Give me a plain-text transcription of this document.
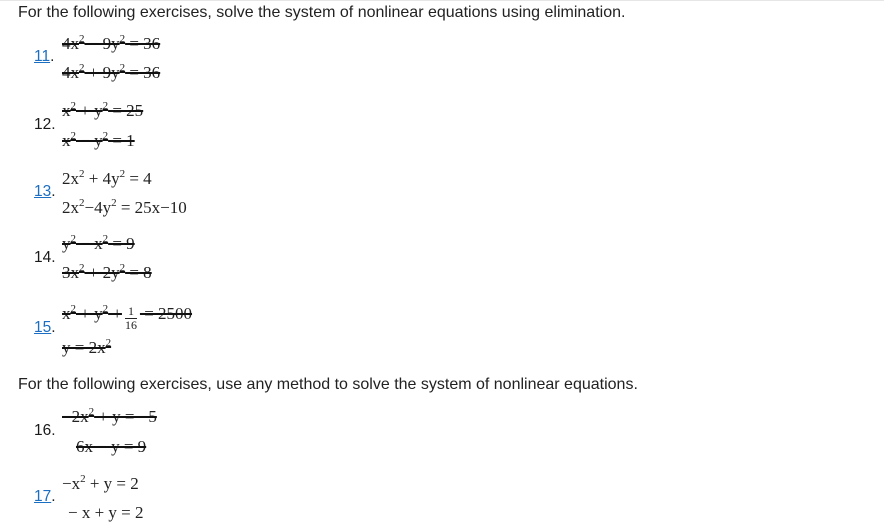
For the following exercises, solve the system of nonlinear equations using elimination.
11.
$4x^2 - 9y^2 = 36$
$4x^2 + 9y^2 = 36$
12.
$x^2 + y^2 = 25$
$x^2 - y^2 = 1$
13.
$2x^2 + 4y^2 = 4$
$2x^2-4y^2 = 25x-10$
14.
$y^2 - x^2 = 9$
$3x^2 + 2y^2 = 8$
15.
$x^2 + y^2 + \frac{1}{16} = 2500$
$y = 2x^2$
For the following exercises, use any method to solve the system of nonlinear equations.
16.
$-2x^2 + y = -5$
6x − y = 9
17.
$-x^2 + y = 2$
− x + y = 2
